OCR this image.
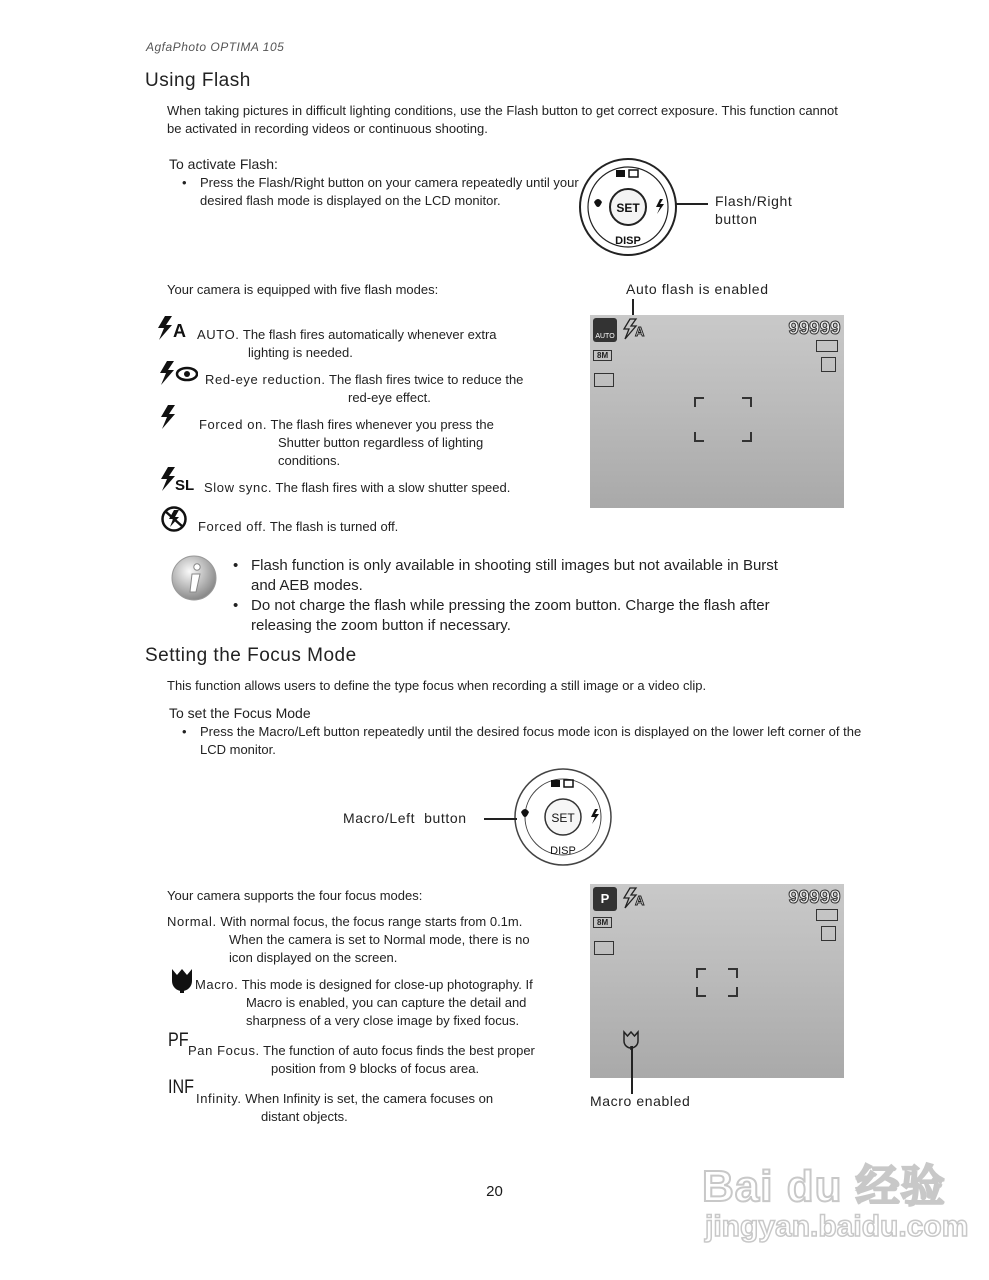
AgfaPhoto OPTIMA 105
Using Flash
When taking pictures in difficult lighting conditions, use the Flash button to get correct exposure. This function cannot be activated in recording videos or continuous shooting.
To activate Flash:
• Press the Flash/Right button on your camera repeatedly until your desired flash mode is displayed on the LCD monitor.	SET
DISP
Flash/Right
button
Your camera is equipped with five flash modes:	Auto flash is enabled
A
SL
AUTO. The flash fires automatically whenever extra
lighting is needed.
Red-eye reduction. The flash fires twice to reduce the
red-eye effect.
Forced on. The flash fires whenever you press the
Shutter button regardless of lighting
conditions.
Slow sync. The flash fires with a slow shutter speed.
Forced off. The flash is turned off.
AUTO A	99999
8M
• Flash function is only available in shooting still images but not available in Burst
and AEB modes.
• Do not charge the flash while pressing the zoom button. Charge the flash after
releasing the zoom button if necessary.
Setting the Focus Mode
This function allows users to define the type focus when recording a still image or a video clip.
To set the Focus Mode
• Press the Macro/Left button repeatedly until the desired focus mode icon is displayed on the lower left corner of the LCD monitor.
SET
DISP
Macro/Left  button
Your camera supports the four focus modes:
Normal. With normal focus, the focus range starts from 0.1m.
When the camera is set to Normal mode, there is no
icon displayed on the screen.
Macro. This mode is designed for close-up photography. If
Macro is enabled, you can capture the detail and
sharpness of a very close image by fixed focus.
PF Pan Focus. The function of auto focus finds the best proper
position from 9 blocks of focus area.
INF
Infinity. When Infinity is set, the camera focuses on
distant objects.
P	A	99999
8M
Macro enabled
20	Bai du 经验
jingyan.baidu.com
